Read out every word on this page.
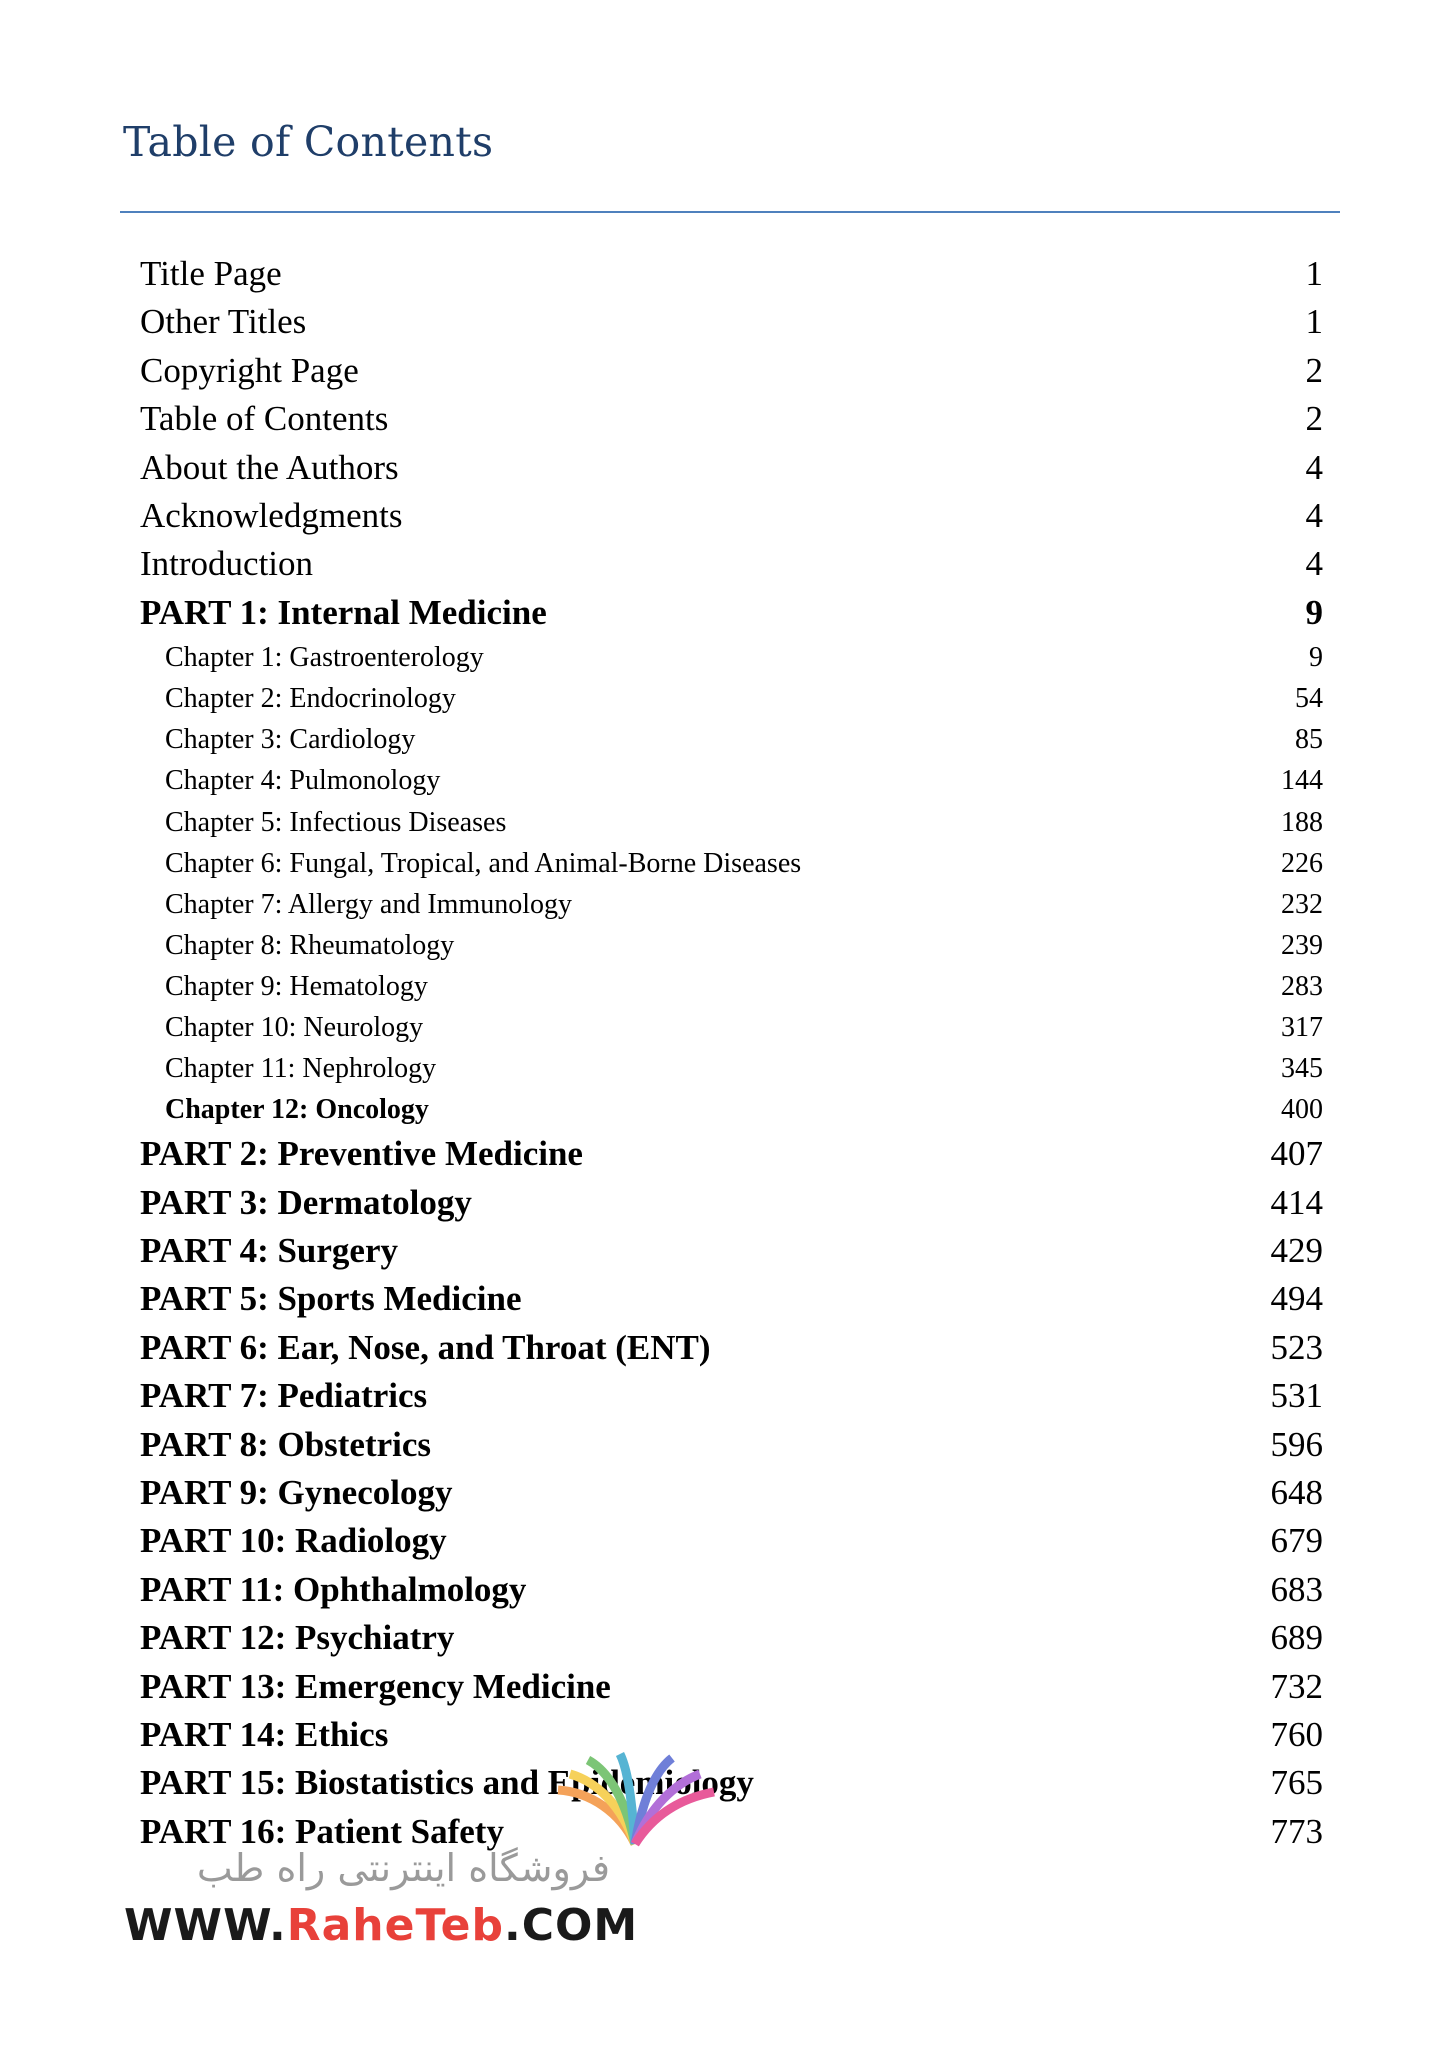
Table of Contents
Title Page	1
Other Titles	1
Copyright Page	2
Table of Contents	2
About the Authors	4
Acknowledgments	4
Introduction	4
PART 1: Internal Medicine	9
Chapter 1: Gastroenterology	9
Chapter 2: Endocrinology	54
Chapter 3: Cardiology	85
Chapter 4: Pulmonology	144
Chapter 5: Infectious Diseases	188
Chapter 6: Fungal, Tropical, and Animal-Borne Diseases	226
Chapter 7: Allergy and Immunology	232
Chapter 8: Rheumatology	239
Chapter 9: Hematology	283
Chapter 10: Neurology	317
Chapter 11: Nephrology	345
Chapter 12: Oncology	400
PART 2: Preventive Medicine	407
PART 3: Dermatology	414
PART 4: Surgery	429
PART 5: Sports Medicine	494
PART 6: Ear, Nose, and Throat (ENT)	523
PART 7: Pediatrics	531
PART 8: Obstetrics	596
PART 9: Gynecology	648
PART 10: Radiology	679
PART 11: Ophthalmology	683
PART 12: Psychiatry	689
PART 13: Emergency Medicine	732
PART 14: Ethics	760
PART 15: Biostatistics and Epidemiology	765
PART 16: Patient Safety	773
فروشگاه اینترنتی راه طب
WWW.RaheTeb.COM
